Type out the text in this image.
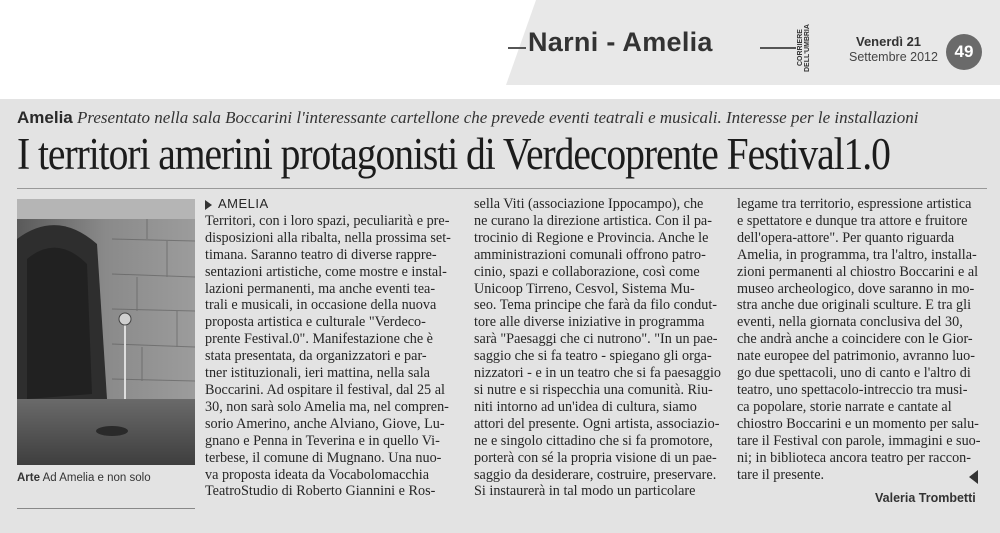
Narni - Amelia	CORRIERE DELL'UMBRIA	Venerdì 21
Settembre 2012 49
Amelia Presentato nella sala Boccarini l'interessante cartellone che prevede eventi teatrali e musicali. Interesse per le installazioni
I territori amerini protagonisti di Verdecoprente Festival1.0
Arte Ad Amelia e non solo
AMELIA
Territori, con i loro spazi, peculiarità e pre-
disposizioni alla ribalta, nella prossima set-
timana. Saranno teatro di diverse rappre-
sentazioni artistiche, come mostre e instal-
lazioni permanenti, ma anche eventi tea-
trali e musicali, in occasione della nuova
proposta artistica e culturale "Verdeco-
prente Festival.0". Manifestazione che è
stata presentata, da organizzatori e par-
tner istituzionali, ieri mattina, nella sala
Boccarini. Ad ospitare il festival, dal 25 al
30, non sarà solo Amelia ma, nel compren-
sorio Amerino, anche Alviano, Giove, Lu-
gnano e Penna in Teverina e in quello Vi-
terbese, il comune di Mugnano. Una nuo-
va proposta ideata da Vocabolomacchia
TeatroStudio di Roberto Giannini e Ros-
sella Viti (associazione Ippocampo), che
ne curano la direzione artistica. Con il pa-
trocinio di Regione e Provincia. Anche le
amministrazioni comunali offrono patro-
cinio, spazi e collaborazione, così come
Unicoop Tirreno, Cesvol, Sistema Mu-
seo. Tema principe che farà da filo condut-
tore alle diverse iniziative in programma
sarà "Paesaggi che ci nutrono". "In un pae-
saggio che si fa teatro - spiegano gli orga-
nizzatori - e in un teatro che si fa paesaggio
si nutre e si rispecchia una comunità. Riu-
niti intorno ad un'idea di cultura, siamo
attori del presente. Ogni artista, associazio-
ne e singolo cittadino che si fa promotore,
porterà con sé la propria visione di un pae-
saggio da desiderare, costruire, preservare.
Si instaurerà in tal modo un particolare
legame tra territorio, espressione artistica
e spettatore e dunque tra attore e fruitore
dell'opera-attore". Per quanto riguarda
Amelia, in programma, tra l'altro, installa-
zioni permanenti al chiostro Boccarini e al
museo archeologico, dove saranno in mo-
stra anche due originali sculture. E tra gli
eventi, nella giornata conclusiva del 30,
che andrà anche a coincidere con le Gior-
nate europee del patrimonio, avranno luo-
go due spettacoli, uno di canto e l'altro di
teatro, uno spettacolo-intreccio tra musi-
ca popolare, storie narrate e cantate al
chiostro Boccarini e un momento per salu-
tare il Festival con parole, immagini e suo-
ni; in biblioteca ancora teatro per raccon-
tare il presente.
Valeria Trombetti
